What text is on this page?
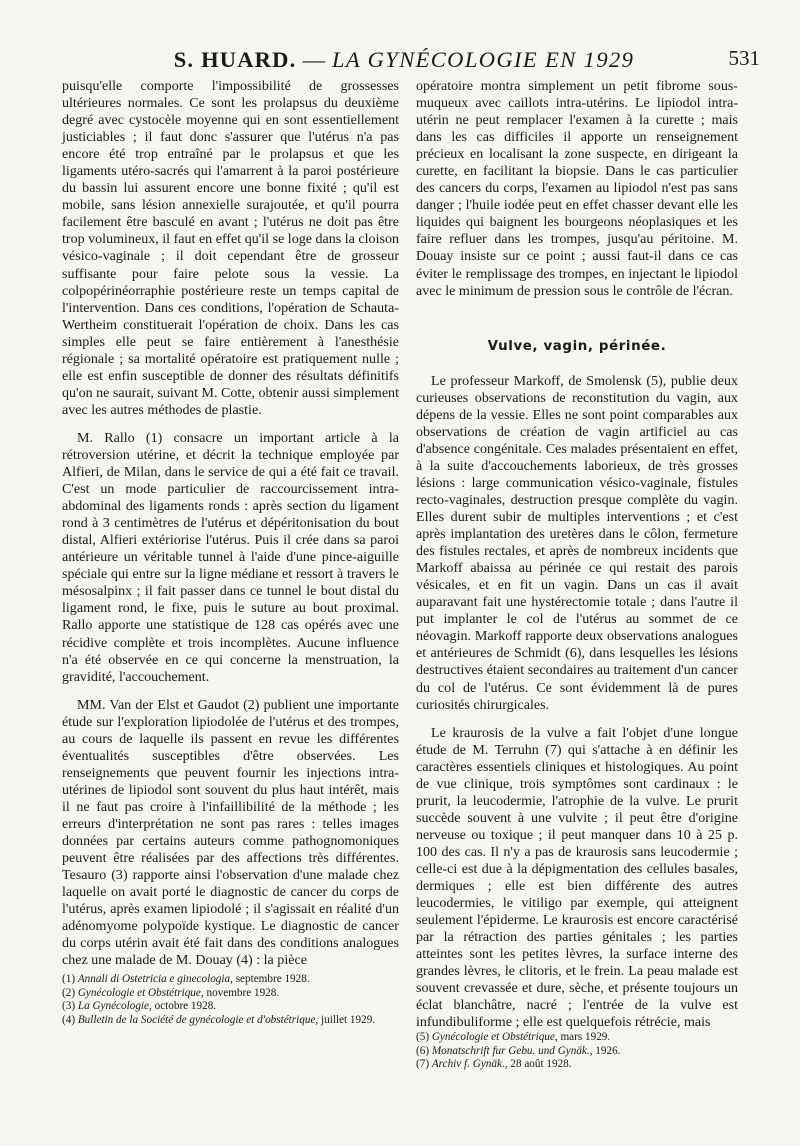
S. HUARD. — LA GYNÉCOLOGIE EN 1929	531

puisqu'elle comporte l'impossibilité de grossesses ultérieures normales. Ce sont les prolapsus du deuxième degré avec cystocèle moyenne qui en sont essentiellement justiciables ; il faut donc s'assurer que l'utérus n'a pas encore été trop entraîné par le prolapsus et que les ligaments utéro-sacrés qui l'amarrent à la paroi postérieure du bassin lui assurent encore une bonne fixité ; qu'il est mobile, sans lésion annexielle surajoutée, et qu'il pourra facilement être basculé en avant ; l'utérus ne doit pas être trop volumineux, il faut en effet qu'il se loge dans la cloison vésico-vaginale ; il doit cependant être de grosseur suffisante pour faire pelote sous la vessie. La colpopérinéorraphie postérieure reste un temps capital de l'intervention. Dans ces conditions, l'opération de Schauta-Wertheim constituerait l'opération de choix. Dans les cas simples elle peut se faire entièrement à l'anesthésie régionale ; sa mortalité opératoire est pratiquement nulle ; elle est enfin susceptible de donner des résultats définitifs qu'on ne saurait, suivant M. Cotte, obtenir aussi simplement avec les autres méthodes de plastie.

M. Rallo (1) consacre un important article à la rétroversion utérine, et décrit la technique employée par Alfieri, de Milan, dans le service de qui a été fait ce travail. C'est un mode particulier de raccourcissement intra-abdominal des ligaments ronds : après section du ligament rond à 3 centimètres de l'utérus et dépéritonisation du bout distal, Alfieri extériorise l'utérus. Puis il crée dans sa paroi antérieure un véritable tunnel à l'aide d'une pince-aiguille spéciale qui entre sur la ligne médiane et ressort à travers le mésosalpinx ; il fait passer dans ce tunnel le bout distal du ligament rond, le fixe, puis le suture au bout proximal. Rallo apporte une statistique de 128 cas opérés avec une récidive complète et trois incomplètes. Aucune influence n'a été observée en ce qui concerne la menstruation, la gravidité, l'accouchement.

MM. Van der Elst et Gaudot (2) publient une importante étude sur l'exploration lipiodolée de l'utérus et des trompes, au cours de laquelle ils passent en revue les différentes éventualités susceptibles d'être observées. Les renseignements que peuvent fournir les injections intra-utérines de lipiodol sont souvent du plus haut intérêt, mais il ne faut pas croire à l'infaillibilité de la méthode ; les erreurs d'interprétation ne sont pas rares : telles images données par certains auteurs comme pathognomoniques peuvent être réalisées par des affections très différentes. Tesauro (3) rapporte ainsi l'observation d'une malade chez laquelle on avait porté le diagnostic de cancer du corps de l'utérus, après examen lipiodolé ; il s'agissait en réalité d'un adénomyome polypoïde kystique. Le diagnostic de cancer du corps utérin avait été fait dans des conditions analogues chez une malade de M. Douay (4) : la pièce

(1) Annali di Ostetricia e ginecologia, septembre 1928.
(2) Gynécologie et Obstétrique, novembre 1928.
(3) La Gynécologie, octobre 1928.
(4) Bulletin de la Société de gynécologie et d'obstétrique, juillet 1929.

opératoire montra simplement un petit fibrome sous-muqueux avec caillots intra-utérins. Le lipiodol intra-utérin ne peut remplacer l'examen à la curette ; mais dans les cas difficiles il apporte un renseignement précieux en localisant la zone suspecte, en dirigeant la curette, en facilitant la biopsie. Dans le cas particulier des cancers du corps, l'examen au lipiodol n'est pas sans danger ; l'huile iodée peut en effet chasser devant elle les liquides qui baignent les bourgeons néoplasiques et les faire refluer dans les trompes, jusqu'au péritoine. M. Douay insiste sur ce point ; aussi faut-il dans ce cas éviter le remplissage des trompes, en injectant le lipiodol avec le minimum de pression sous le contrôle de l'écran.

Vulve, vagin, périnée.

Le professeur Markoff, de Smolensk (5), publie deux curieuses observations de reconstitution du vagin, aux dépens de la vessie. Elles ne sont point comparables aux observations de création de vagin artificiel au cas d'absence congénitale. Ces malades présentaient en effet, à la suite d'accouchements laborieux, de très grosses lésions : large communication vésico-vaginale, fistules recto-vaginales, destruction presque complète du vagin. Elles durent subir de multiples interventions ; et c'est après implantation des uretères dans le côlon, fermeture des fistules rectales, et après de nombreux incidents que Markoff abaissa au périnée ce qui restait des parois vésicales, et en fit un vagin. Dans un cas il avait auparavant fait une hystérectomie totale ; dans l'autre il put implanter le col de l'utérus au sommet de ce néovagin. Markoff rapporte deux observations analogues et antérieures de Schmidt (6), dans lesquelles les lésions destructives étaient secondaires au traitement d'un cancer du col de l'utérus. Ce sont évidemment là de pures curiosités chirurgicales.

Le kraurosis de la vulve a fait l'objet d'une longue étude de M. Terruhn (7) qui s'attache à en définir les caractères essentiels cliniques et histologiques. Au point de vue clinique, trois symptômes sont cardinaux : le prurit, la leucodermie, l'atrophie de la vulve. Le prurit succède souvent à une vulvite ; il peut être d'origine nerveuse ou toxique ; il peut manquer dans 10 à 25 p. 100 des cas. Il n'y a pas de kraurosis sans leucodermie ; celle-ci est due à la dépigmentation des cellules basales, dermiques ; elle est bien différente des autres leucodermies, le vitiligo par exemple, qui atteignent seulement l'épiderme. Le kraurosis est encore caractérisé par la rétraction des parties génitales ; les parties atteintes sont les petites lèvres, la surface interne des grandes lèvres, le clitoris, et le frein. La peau malade est souvent crevassée et dure, sèche, et présente toujours un éclat blanchâtre, nacré ; l'entrée de la vulve est infundibuliforme ; elle est quelquefois rétrécie, mais

(5) Gynécologie et Obstétrique, mars 1929.
(6) Monatschrift fur Gebu. und Gynäk., 1926.
(7) Archiv f. Gynäk., 28 août 1928.
